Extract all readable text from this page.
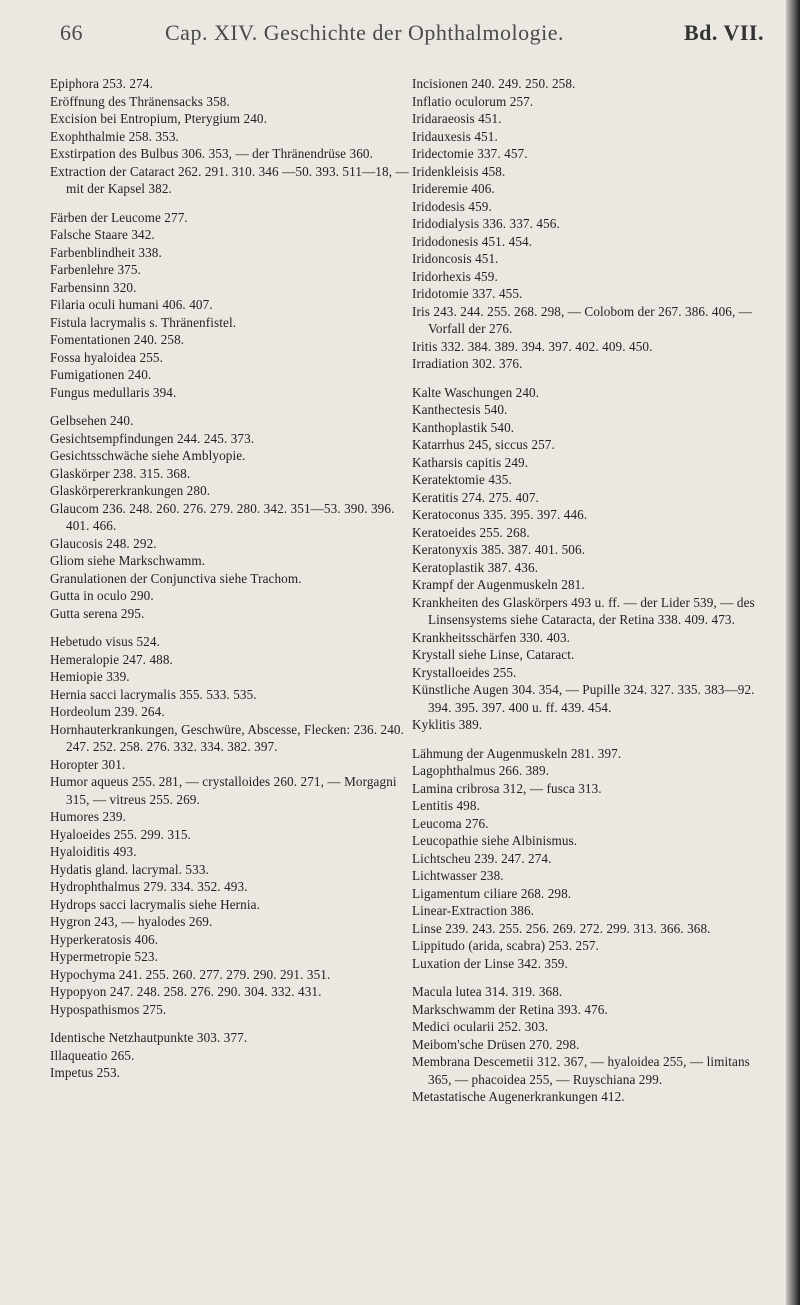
66	Cap. XIV. Geschichte der Ophthalmologie.	Bd. VII.
Epiphora 253. 274.
Eröffnung des Thränensacks 358.
Excision bei Entropium, Pterygium 240.
Exophthalmie 258. 353.
Exstirpation des Bulbus 306. 353, — der Thränendrüse 360.
Extraction der Cataract 262. 291. 310. 346 —50. 393. 511—18, — mit der Kapsel 382.
Färben der Leucome 277.
Falsche Staare 342.
Farbenblindheit 338.
Farbenlehre 375.
Farbensinn 320.
Filaria oculi humani 406. 407.
Fistula lacrymalis s. Thränenfistel.
Fomentationen 240. 258.
Fossa hyaloidea 255.
Fumigationen 240.
Fungus medullaris 394.
Gelbsehen 240.
Gesichtsempfindungen 244. 245. 373.
Gesichtsschwäche siehe Amblyopie.
Glaskörper 238. 315. 368.
Glaskörpererkrankungen 280.
Glaucom 236. 248. 260. 276. 279. 280. 342. 351—53. 390. 396. 401. 466.
Glaucosis 248. 292.
Gliom siehe Markschwamm.
Granulationen der Conjunctiva siehe Trachom.
Gutta in oculo 290.
Gutta serena 295.
Hebetudo visus 524.
Hemeralopie 247. 488.
Hemiopie 339.
Hernia sacci lacrymalis 355. 533. 535.
Hordeolum 239. 264.
Hornhauterkrankungen, Geschwüre, Abscesse, Flecken: 236. 240. 247. 252. 258. 276. 332. 334. 382. 397.
Horopter 301.
Humor aqueus 255. 281, — crystalloides 260. 271, — Morgagni 315, — vitreus 255. 269.
Humores 239.
Hyaloeides 255. 299. 315.
Hyaloiditis 493.
Hydatis gland. lacrymal. 533.
Hydrophthalmus 279. 334. 352. 493.
Hydrops sacci lacrymalis siehe Hernia.
Hygron 243, — hyalodes 269.
Hyperkeratosis 406.
Hypermetropie 523.
Hypochyma 241. 255. 260. 277. 279. 290. 291. 351.
Hypopyon 247. 248. 258. 276. 290. 304. 332. 431.
Hypospathismos 275.
Identische Netzhautpunkte 303. 377.
Illaqueatio 265.
Impetus 253.
Incisionen 240. 249. 250. 258.
Inflatio oculorum 257.
Iridaraeosis 451.
Iridauxesis 451.
Iridectomie 337. 457.
Iridenkleisis 458.
Irideremie 406.
Iridodesis 459.
Iridodialysis 336. 337. 456.
Iridodonesis 451. 454.
Iridoncosis 451.
Iridorhexis 459.
Iridotomie 337. 455.
Iris 243. 244. 255. 268. 298, — Colobom der 267. 386. 406, — Vorfall der 276.
Iritis 332. 384. 389. 394. 397. 402. 409. 450.
Irradiation 302. 376.
Kalte Waschungen 240.
Kanthectesis 540.
Kanthoplastik 540.
Katarrhus 245, siccus 257.
Katharsis capitis 249.
Keratektomie 435.
Keratitis 274. 275. 407.
Keratoconus 335. 395. 397. 446.
Keratoeides 255. 268.
Keratonyxis 385. 387. 401. 506.
Keratoplastik 387. 436.
Krampf der Augenmuskeln 281.
Krankheiten des Glaskörpers 493 u. ff. — der Lider 539, — des Linsensystems siehe Cataracta, der Retina 338. 409. 473.
Krankheitsschärfen 330. 403.
Krystall siehe Linse, Cataract.
Krystalloeides 255.
Künstliche Augen 304. 354, — Pupille 324. 327. 335. 383—92. 394. 395. 397. 400 u. ff. 439. 454.
Kyklitis 389.
Lähmung der Augenmuskeln 281. 397.
Lagophthalmus 266. 389.
Lamina cribrosa 312, — fusca 313.
Lentitis 498.
Leucoma 276.
Leucopathie siehe Albinismus.
Lichtscheu 239. 247. 274.
Lichtwasser 238.
Ligamentum ciliare 268. 298.
Linear-Extraction 386.
Linse 239. 243. 255. 256. 269. 272. 299. 313. 366. 368.
Lippitudo (arida, scabra) 253. 257.
Luxation der Linse 342. 359.
Macula lutea 314. 319. 368.
Markschwamm der Retina 393. 476.
Medici ocularii 252. 303.
Meibom'sche Drüsen 270. 298.
Membrana Descemetii 312. 367, — hyaloidea 255, — limitans 365, — phacoidea 255, — Ruyschiana 299.
Metastatische Augenerkrankungen 412.
